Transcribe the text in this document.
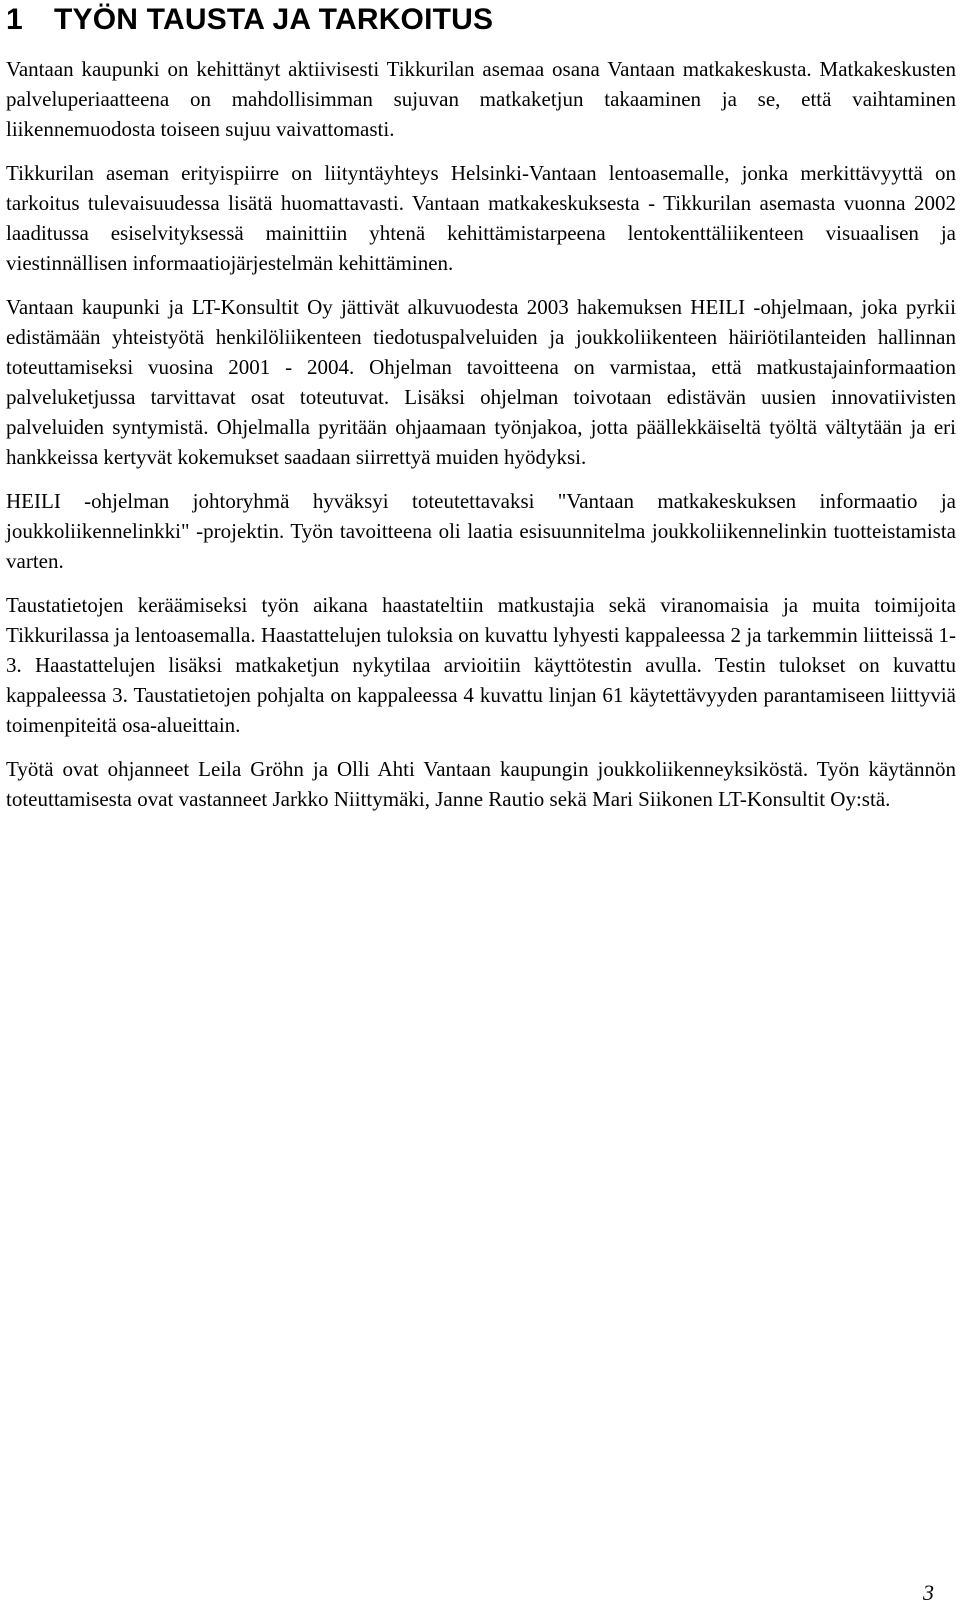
1 TYÖN TAUSTA JA TARKOITUS

Vantaan kaupunki on kehittänyt aktiivisesti Tikkurilan asemaa osana Vantaan matkakeskusta. Matkakeskusten palveluperiaatteena on mahdollisimman sujuvan matkaketjun takaaminen ja se, että vaihtaminen liikennemuodosta toiseen sujuu vaivattomasti.

Tikkurilan aseman erityispiirre on liityntäyhteys Helsinki-Vantaan lentoasemalle, jonka merkittävyyttä on tarkoitus tulevaisuudessa lisätä huomattavasti. Vantaan matkakeskuksesta - Tikkurilan asemasta vuonna 2002 laaditussa esiselvityksessä mainittiin yhtenä kehittämistarpeena lentokenttäliikenteen visuaalisen ja viestinnällisen informaatiojärjestelmän kehittäminen.

Vantaan kaupunki ja LT-Konsultit Oy jättivät alkuvuodesta 2003 hakemuksen HEILI -ohjelmaan, joka pyrkii edistämään yhteistyötä henkilöliikenteen tiedotuspalveluiden ja joukkoliikenteen häiriötilanteiden hallinnan toteuttamiseksi vuosina 2001 - 2004. Ohjelman tavoitteena on varmistaa, että matkustajainformaation palveluketjussa tarvittavat osat toteutuvat. Lisäksi ohjelman toivotaan edistävän uusien innovatiivisten palveluiden syntymistä. Ohjelmalla pyritään ohjaamaan työnjakoa, jotta päällekkäiseltä työltä vältytään ja eri hankkeissa kertyvät kokemukset saadaan siirrettyä muiden hyödyksi.

HEILI -ohjelman johtoryhmä hyväksyi toteutettavaksi "Vantaan matkakeskuksen informaatio ja joukkoliikennelinkki" -projektin. Työn tavoitteena oli laatia esisuunnitelma joukkoliikennelinkin tuotteistamista varten.

Taustatietojen keräämiseksi työn aikana haastateltiin matkustajia sekä viranomaisia ja muita toimijoita Tikkurilassa ja lentoasemalla. Haastattelujen tuloksia on kuvattu lyhyesti kappaleessa 2 ja tarkemmin liitteissä 1-3. Haastattelujen lisäksi matkaketjun nykytilaa arvioitiin käyttötestin avulla. Testin tulokset on kuvattu kappaleessa 3. Taustatietojen pohjalta on kappaleessa 4 kuvattu linjan 61 käytettävyyden parantamiseen liittyviä toimenpiteitä osa-alueittain.

Työtä ovat ohjanneet Leila Gröhn ja Olli Ahti Vantaan kaupungin joukkoliikenneyksiköstä. Työn käytännön toteuttamisesta ovat vastanneet Jarkko Niittymäki, Janne Rautio sekä Mari Siikonen LT-Konsultit Oy:stä.

3
